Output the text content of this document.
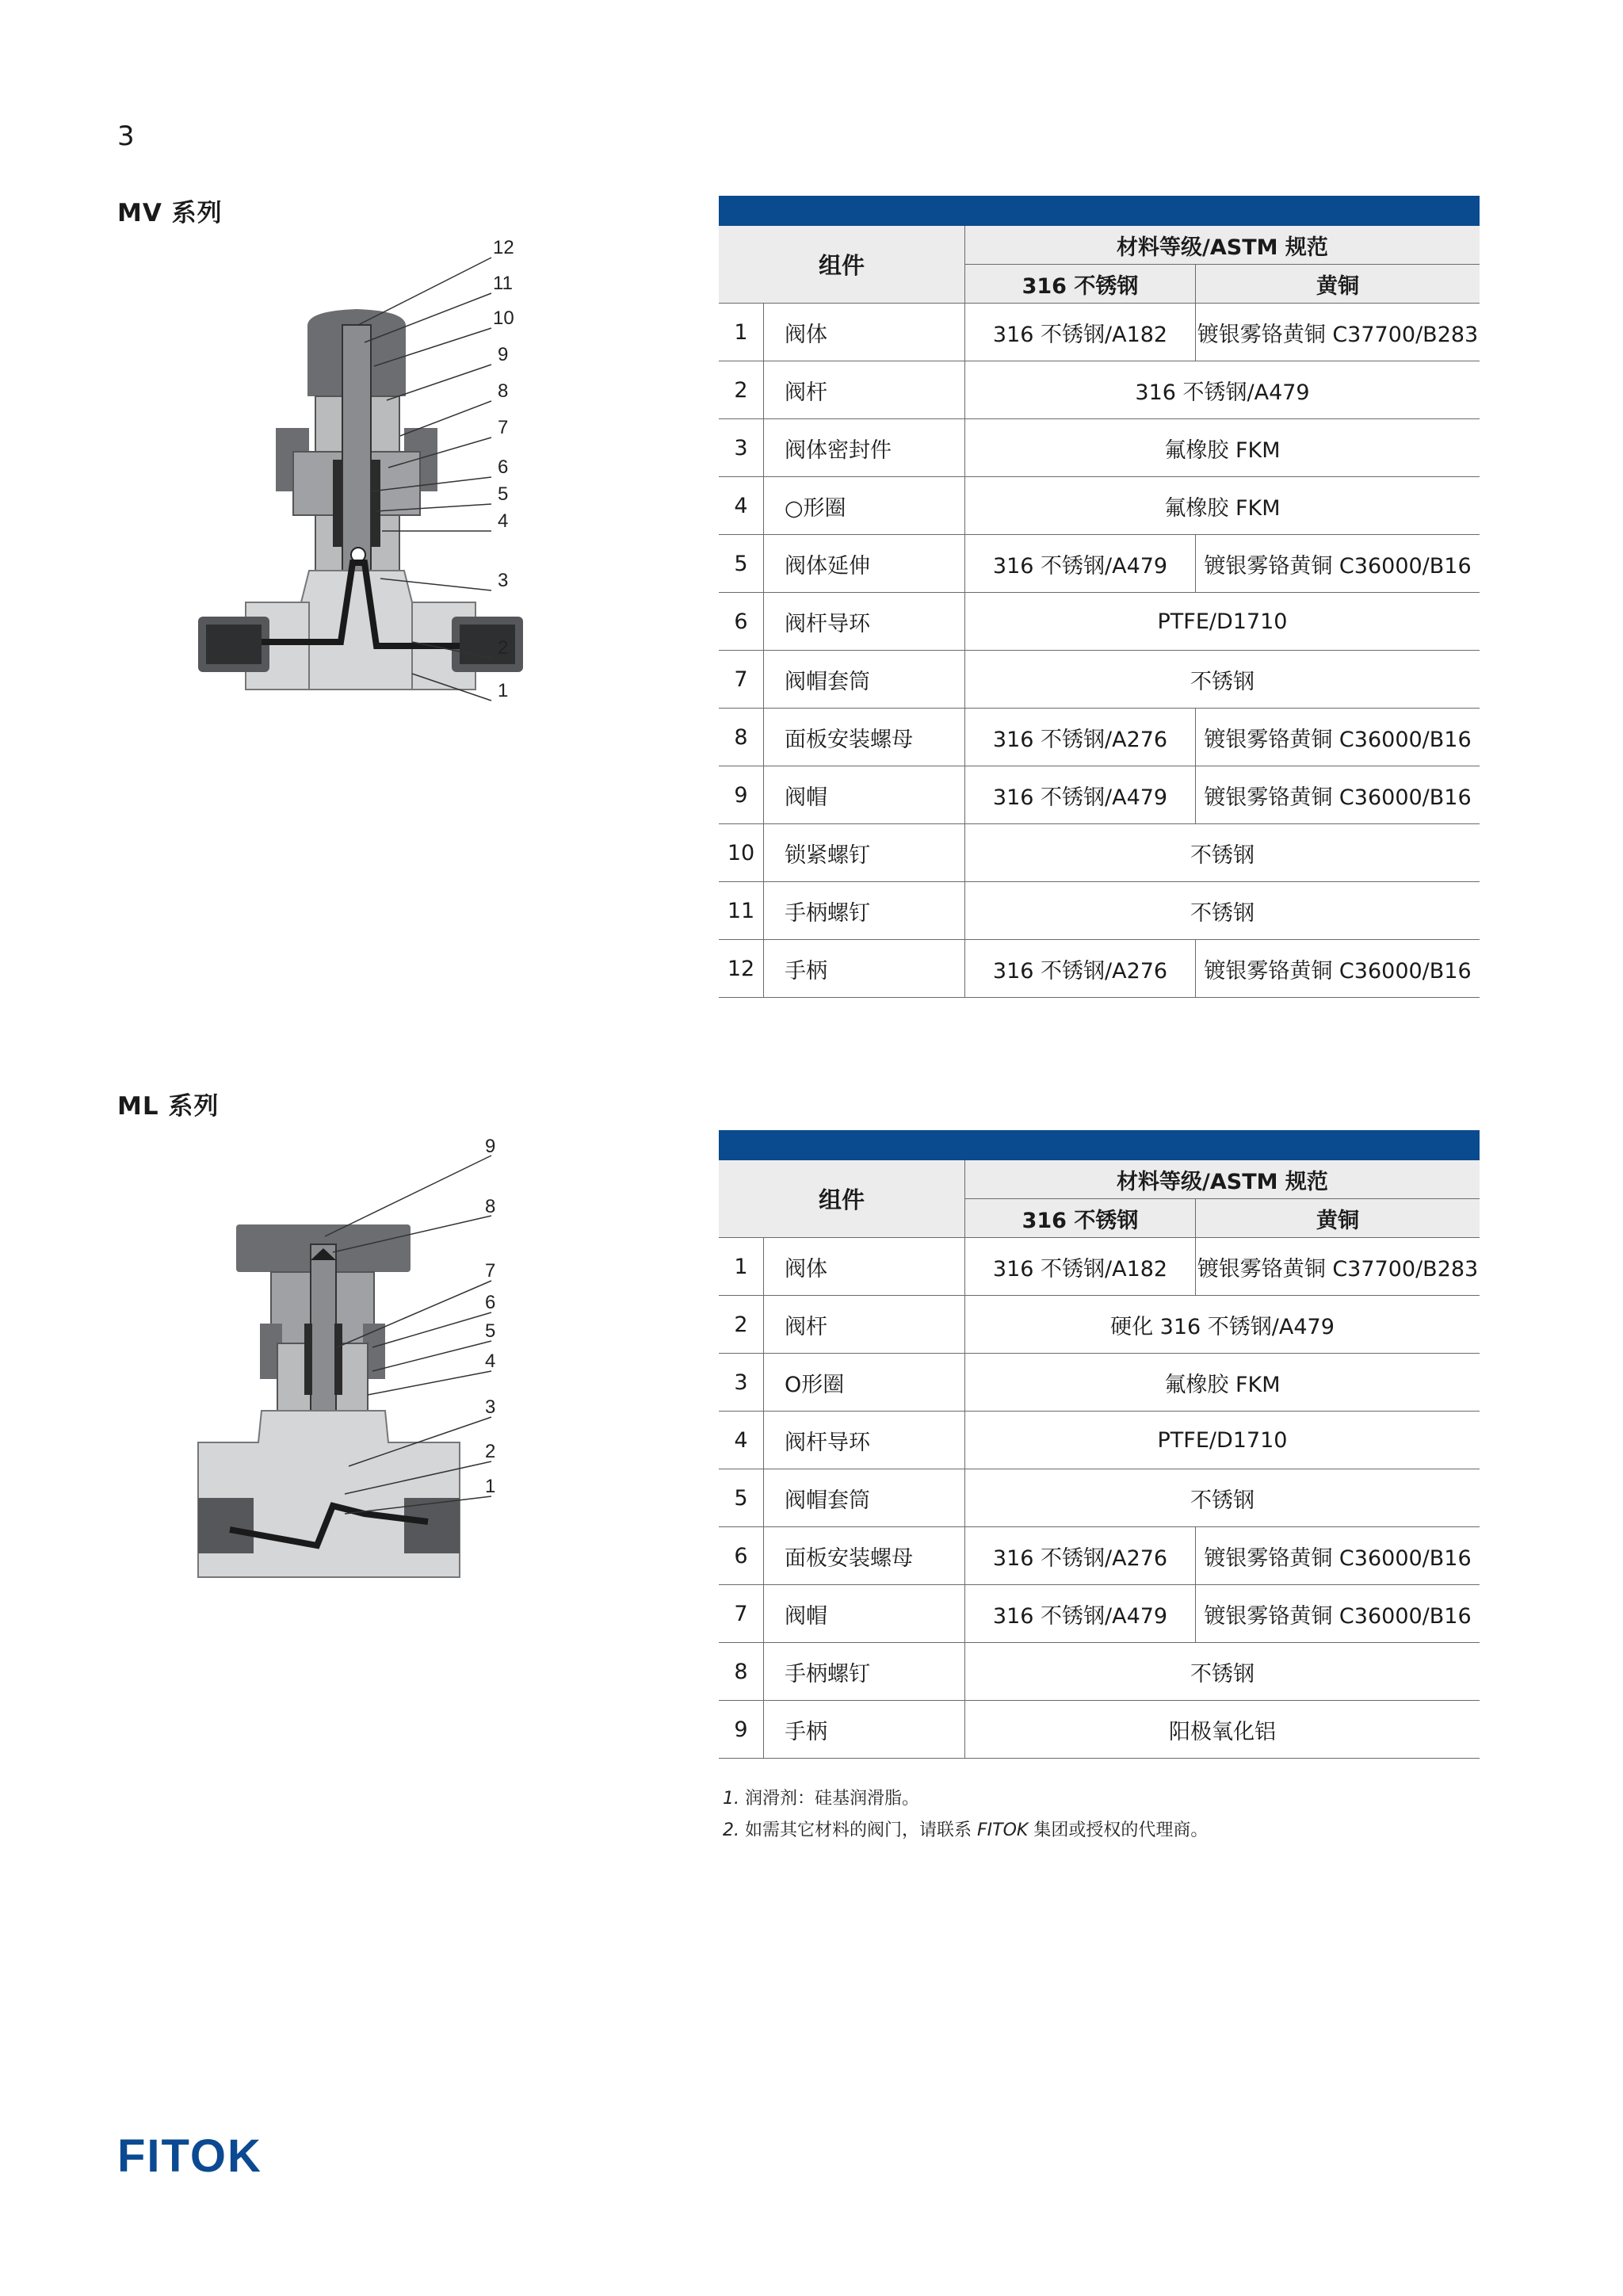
3
MV 系列
12
11
10
9
8
7
6
5
4
3
2
1

组件		材料等级/ASTM 规范	
		316 不锈钢	黄铜
1	阀体	316 不锈钢/A182	镀银雾铬黄铜 C37700/B283
2	阀杆	316 不锈钢/A479	
3	阀体密封件	氟橡胶 FKM	
4	○形圈	氟橡胶 FKM	
5	阀体延伸	316 不锈钢/A479	镀银雾铬黄铜 C36000/B16
6	阀杆导环	PTFE/D1710	
7	阀帽套筒	不锈钢	
8	面板安装螺母	316 不锈钢/A276	镀银雾铬黄铜 C36000/B16
9	阀帽	316 不锈钢/A479	镀银雾铬黄铜 C36000/B16
10	锁紧螺钉	不锈钢	
11	手柄螺钉	不锈钢	
12	手柄	316 不锈钢/A276	镀银雾铬黄铜 C36000/B16
ML 系列
9
8
7
6
5
4
3
2
1

组件		材料等级/ASTM 规范	
		316 不锈钢	黄铜
1	阀体	316 不锈钢/A182	镀银雾铬黄铜 C37700/B283
2	阀杆	硬化 316 不锈钢/A479	
3	O形圈	氟橡胶 FKM	
4	阀杆导环	PTFE/D1710	
5	阀帽套筒	不锈钢	
6	面板安装螺母	316 不锈钢/A276	镀银雾铬黄铜 C36000/B16
7	阀帽	316 不锈钢/A479	镀银雾铬黄铜 C36000/B16
8	手柄螺钉	不锈钢	
9	手柄	阳极氧化铝	
1. 润滑剂：硅基润滑脂。
2. 如需其它材料的阀门，请联系 FITOK 集团或授权的代理商。
FITOK
